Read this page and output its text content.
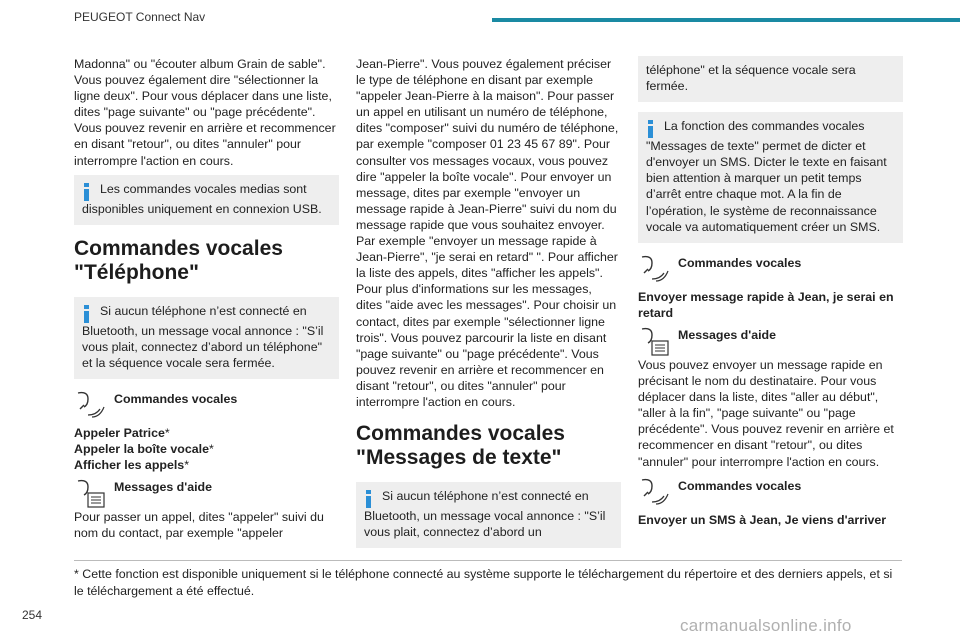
PEUGEOT Connect Nav

Madonna" ou "écouter album Grain de sable". Vous pouvez également dire "sélectionner la ligne deux". Pour vous déplacer dans une liste, dites "page suivante" ou "page précédente". Vous pouvez revenir en arrière et recommencer en disant "retour", ou dites "annuler" pour interrompre l'action en cours.

Les commandes vocales medias sont disponibles uniquement en connexion USB.
Commandes vocales "Téléphone"
Si aucun téléphone n’est connecté en Bluetooth, un message vocal annonce : "S’il vous plait, connectez d’abord un téléphone" et la séquence vocale sera fermée.
Commandes vocales
Appeler Patrice*
Appeler la boîte vocale*
Afficher les appels*
Messages d'aide

Pour passer un appel, dites "appeler" suivi du nom du contact, par exemple "appeler

Jean-Pierre". Vous pouvez également préciser le type de téléphone en disant par exemple "appeler Jean-Pierre à la maison". Pour passer un appel en utilisant un numéro de téléphone, dites "composer" suivi du numéro de téléphone, par exemple "composer 01 23 45 67 89". Pour consulter vos messages vocaux, vous pouvez dire "appeler la boîte vocale". Pour envoyer un message, dites par exemple "envoyer un message rapide à Jean-Pierre" suivi du nom du message rapide que vous souhaitez envoyer. Par exemple "envoyer un message rapide à Jean-Pierre", "je serai en retard" ". Pour afficher la liste des appels, dites "afficher les appels". Pour plus d'informations sur les messages, dites "aide avec les messages". Pour choisir un contact, dites par exemple "sélectionner ligne trois". Vous pouvez parcourir la liste en disant "page suivante" ou "page précédente". Vous pouvez revenir en arrière et recommencer en disant "retour", ou dites "annuler" pour interrompre l'action en cours.

Commandes vocales "Messages de texte"
Si aucun téléphone n’est connecté en Bluetooth, un message vocal annonce : "S’il vous plait, connectez d’abord un
téléphone" et la séquence vocale sera fermée.
La fonction des commandes vocales "Messages de texte" permet de dicter et d'envoyer un SMS. Dicter le texte en faisant bien attention à marquer un petit temps d’arrêt entre chaque mot. A la fin de l’opération, le système de reconnaissance vocale va automatiquement créer un SMS.
Commandes vocales
Envoyer message rapide à Jean, je serai en retard
Messages d'aide

Vous pouvez envoyer un message rapide en précisant le nom du destinataire. Pour vous déplacer dans la liste, dites "aller au début", "aller à la fin", "page suivante" ou "page précédente". Vous pouvez revenir en arrière et recommencer en disant "retour", ou dites "annuler" pour interrompre l'action en cours.

Commandes vocales
Envoyer un SMS à Jean, Je viens d'arriver
* Cette fonction est disponible uniquement si le téléphone connecté au système supporte le téléchargement du répertoire et des derniers appels, et si le téléchargement a été effectué.
254
carmanualsonline.info
